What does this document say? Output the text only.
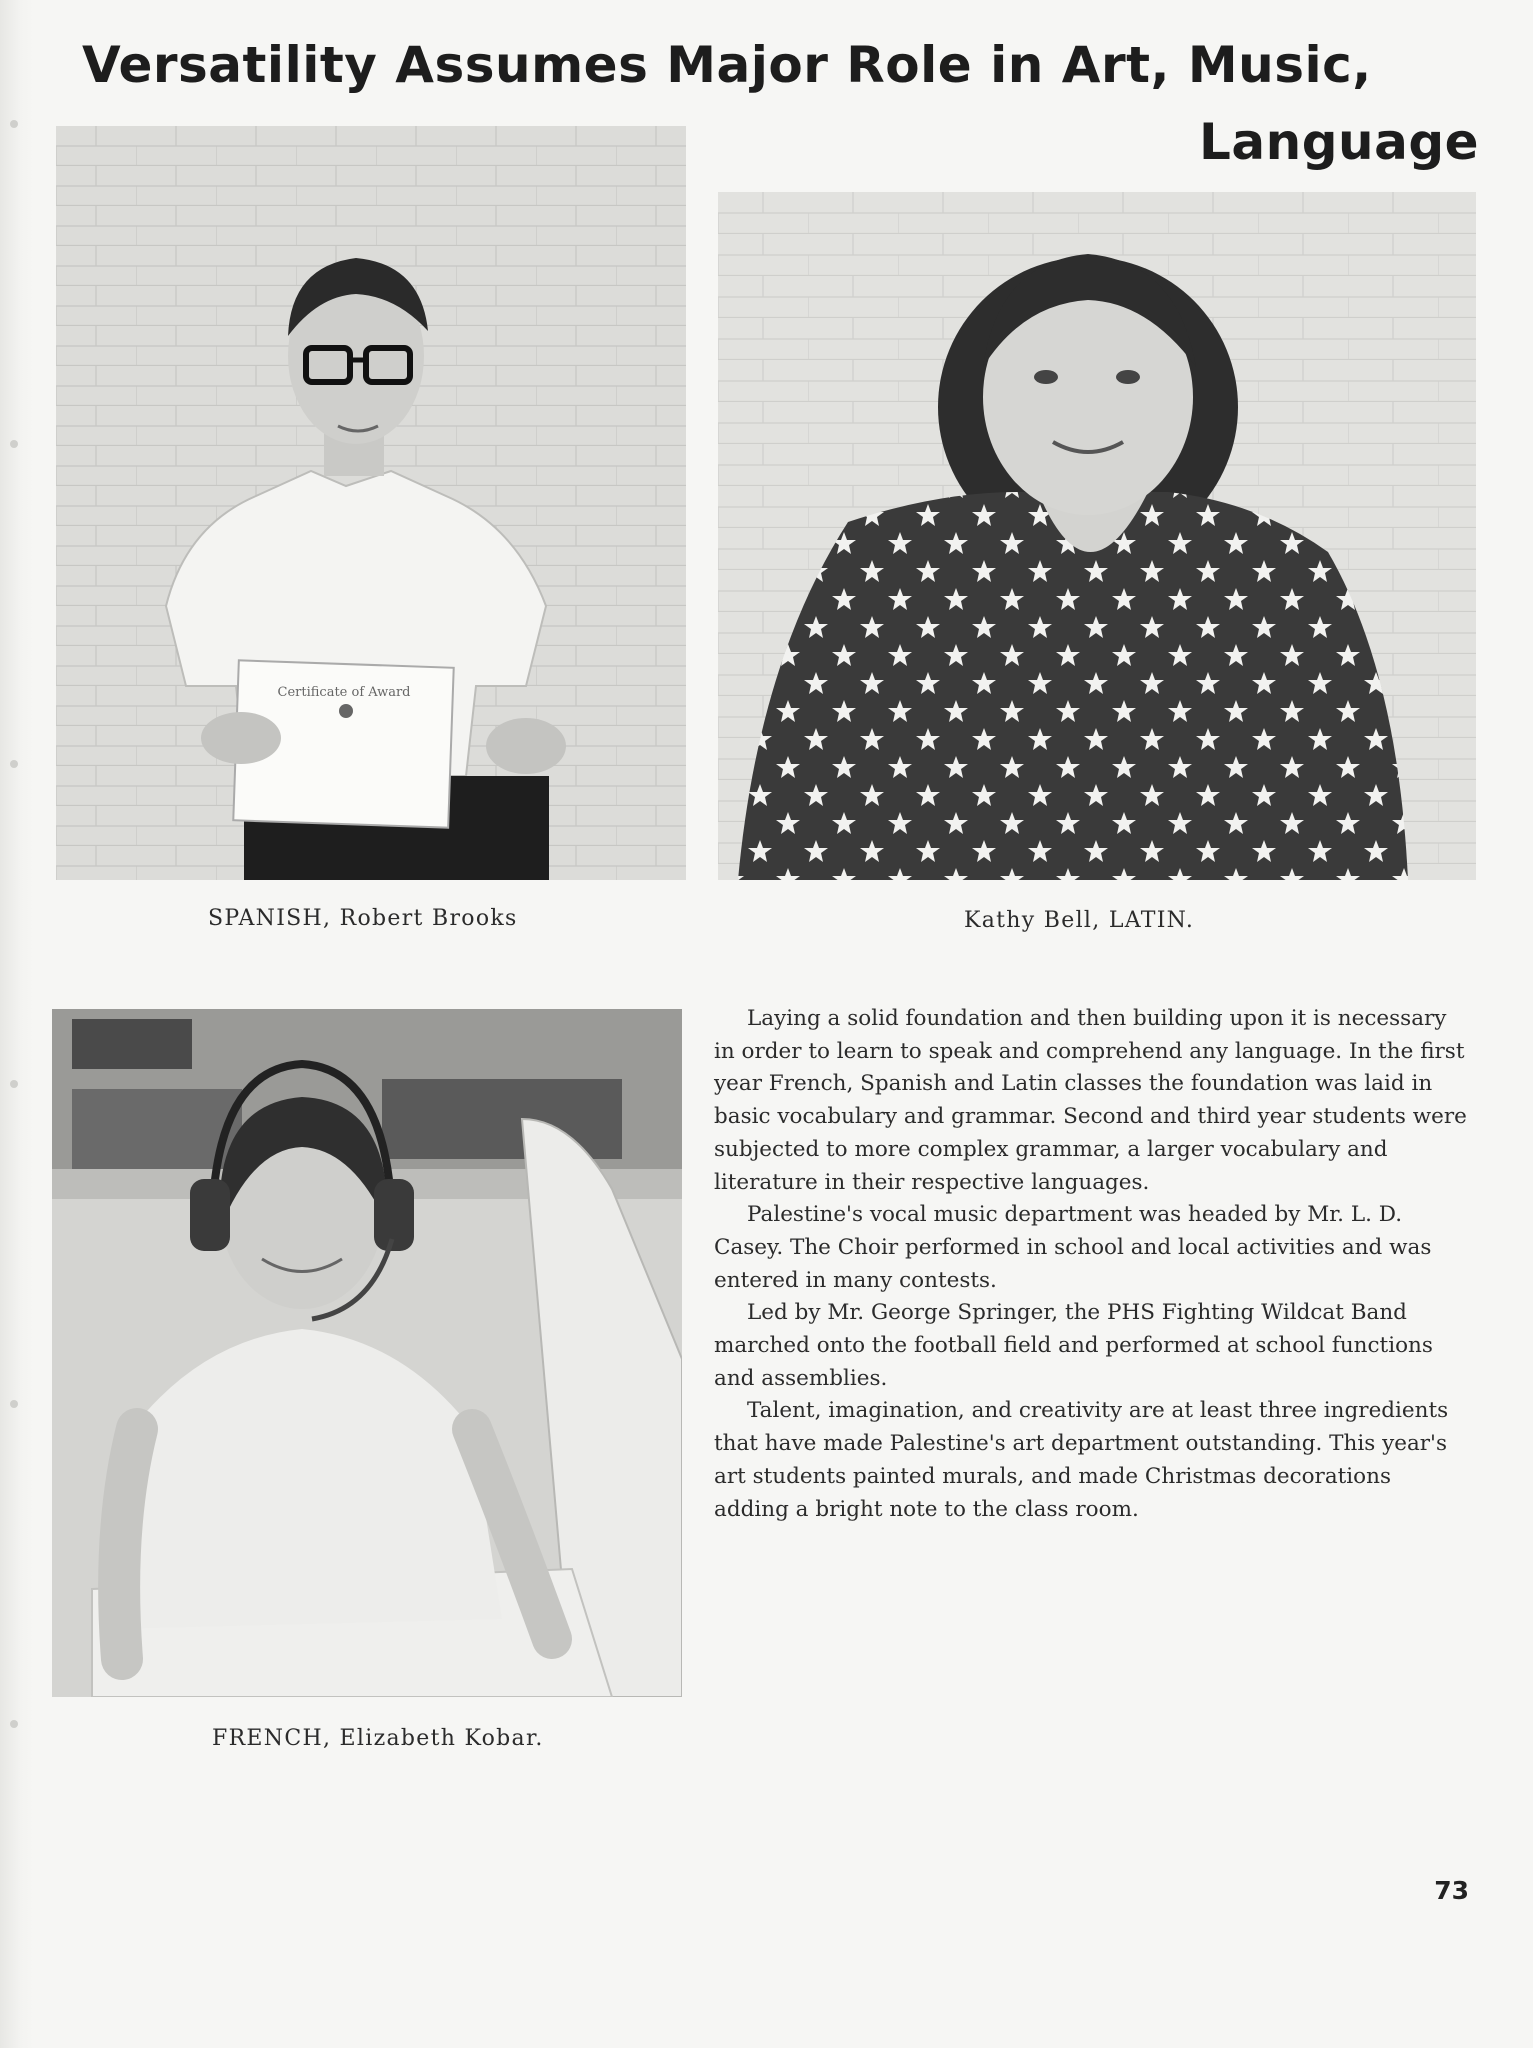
Versatility Assumes Major Role in Art, Music,
Language
Certificate of Award
SPANISH, Robert Brooks	Kathy Bell, LATIN.
FRENCH, Elizabeth Kobar.

Laying a solid foundation and then building upon it is necessary in order to learn to speak and comprehend any language. In the first year French, Spanish and Latin classes the foundation was laid in basic vocabulary and grammar. Second and third year students were subjected to more complex grammar, a larger vocabulary and literature in their respective languages.

Palestine's vocal music department was headed by Mr. L. D. Casey. The Choir performed in school and local activities and was entered in many contests.

Led by Mr. George Springer, the PHS Fighting Wildcat Band marched onto the football field and performed at school functions and assemblies.

Talent, imagination, and creativity are at least three ingredients that have made Palestine's art department outstanding. This year's art students painted murals, and made Christmas decorations adding a bright note to the class room.

73
